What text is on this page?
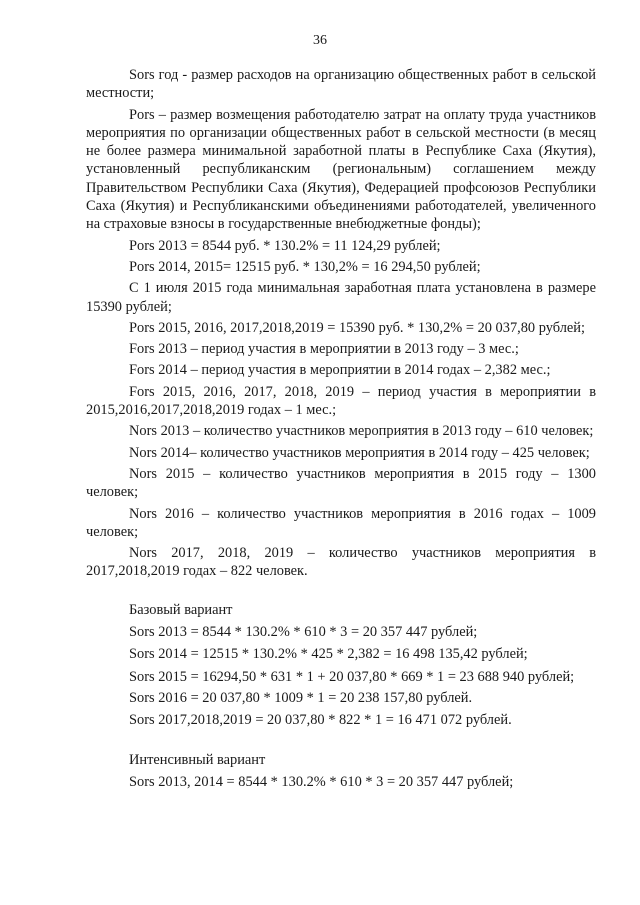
36

Sors год - размер расходов на организацию общественных работ в сельской местности;

Pors – размер возмещения работодателю затрат на оплату труда участников мероприятия по организации общественных работ в сельской местности (в месяц не более размера минимальной заработной платы в Республике Саха (Якутия), установленный республиканским (региональным) соглашением между Правительством Республики Саха (Якутия), Федерацией профсоюзов Республики Саха (Якутия) и Республиканскими объединениями работодателей, увеличенного на страховые взносы в государственные внебюджетные фонды);

Pors 2013 = 8544 руб. * 130.2% = 11 124,29 рублей;

Pors 2014, 2015= 12515 руб. * 130,2% = 16 294,50 рублей;

С 1 июля 2015 года минимальная заработная плата установлена в размере 15390 рублей;

Pors 2015, 2016, 2017,2018,2019 = 15390 руб. * 130,2% = 20 037,80 рублей;

Fors 2013 – период участия в мероприятии в 2013 году – 3 мес.;

Fors 2014 – период участия в мероприятии в 2014 годах – 2,382 мес.;

Fors 2015, 2016, 2017, 2018, 2019 – период участия в мероприятии в 2015,2016,2017,2018,2019 годах – 1 мес.;

Nors 2013 – количество участников мероприятия в 2013 году – 610 человек;

Nors 2014– количество участников мероприятия в 2014 году – 425 человек;

Nors 2015 – количество участников мероприятия в 2015 году – 1300 человек;

Nors 2016 – количество участников мероприятия в 2016 годах – 1009 человек;

Nors 2017, 2018, 2019 – количество участников мероприятия в 2017,2018,2019 годах – 822 человек.

Базовый вариант
Sors 2013 = 8544 * 130.2% * 610 * 3 = 20 357 447 рублей;
Sors 2014 = 12515 * 130.2% * 425 * 2,382 = 16 498 135,42 рублей;

Sors 2015 = 16294,50 * 631 * 1 + 20 037,80 * 669 * 1 = 23 688 940 рублей;

Sors 2016 = 20 037,80 * 1009 * 1 = 20 238 157,80 рублей.
Sors 2017,2018,2019 = 20 037,80 * 822 * 1 = 16 471 072 рублей.
Интенсивный вариант
Sors 2013, 2014 = 8544 * 130.2% * 610 * 3 = 20 357 447 рублей;
